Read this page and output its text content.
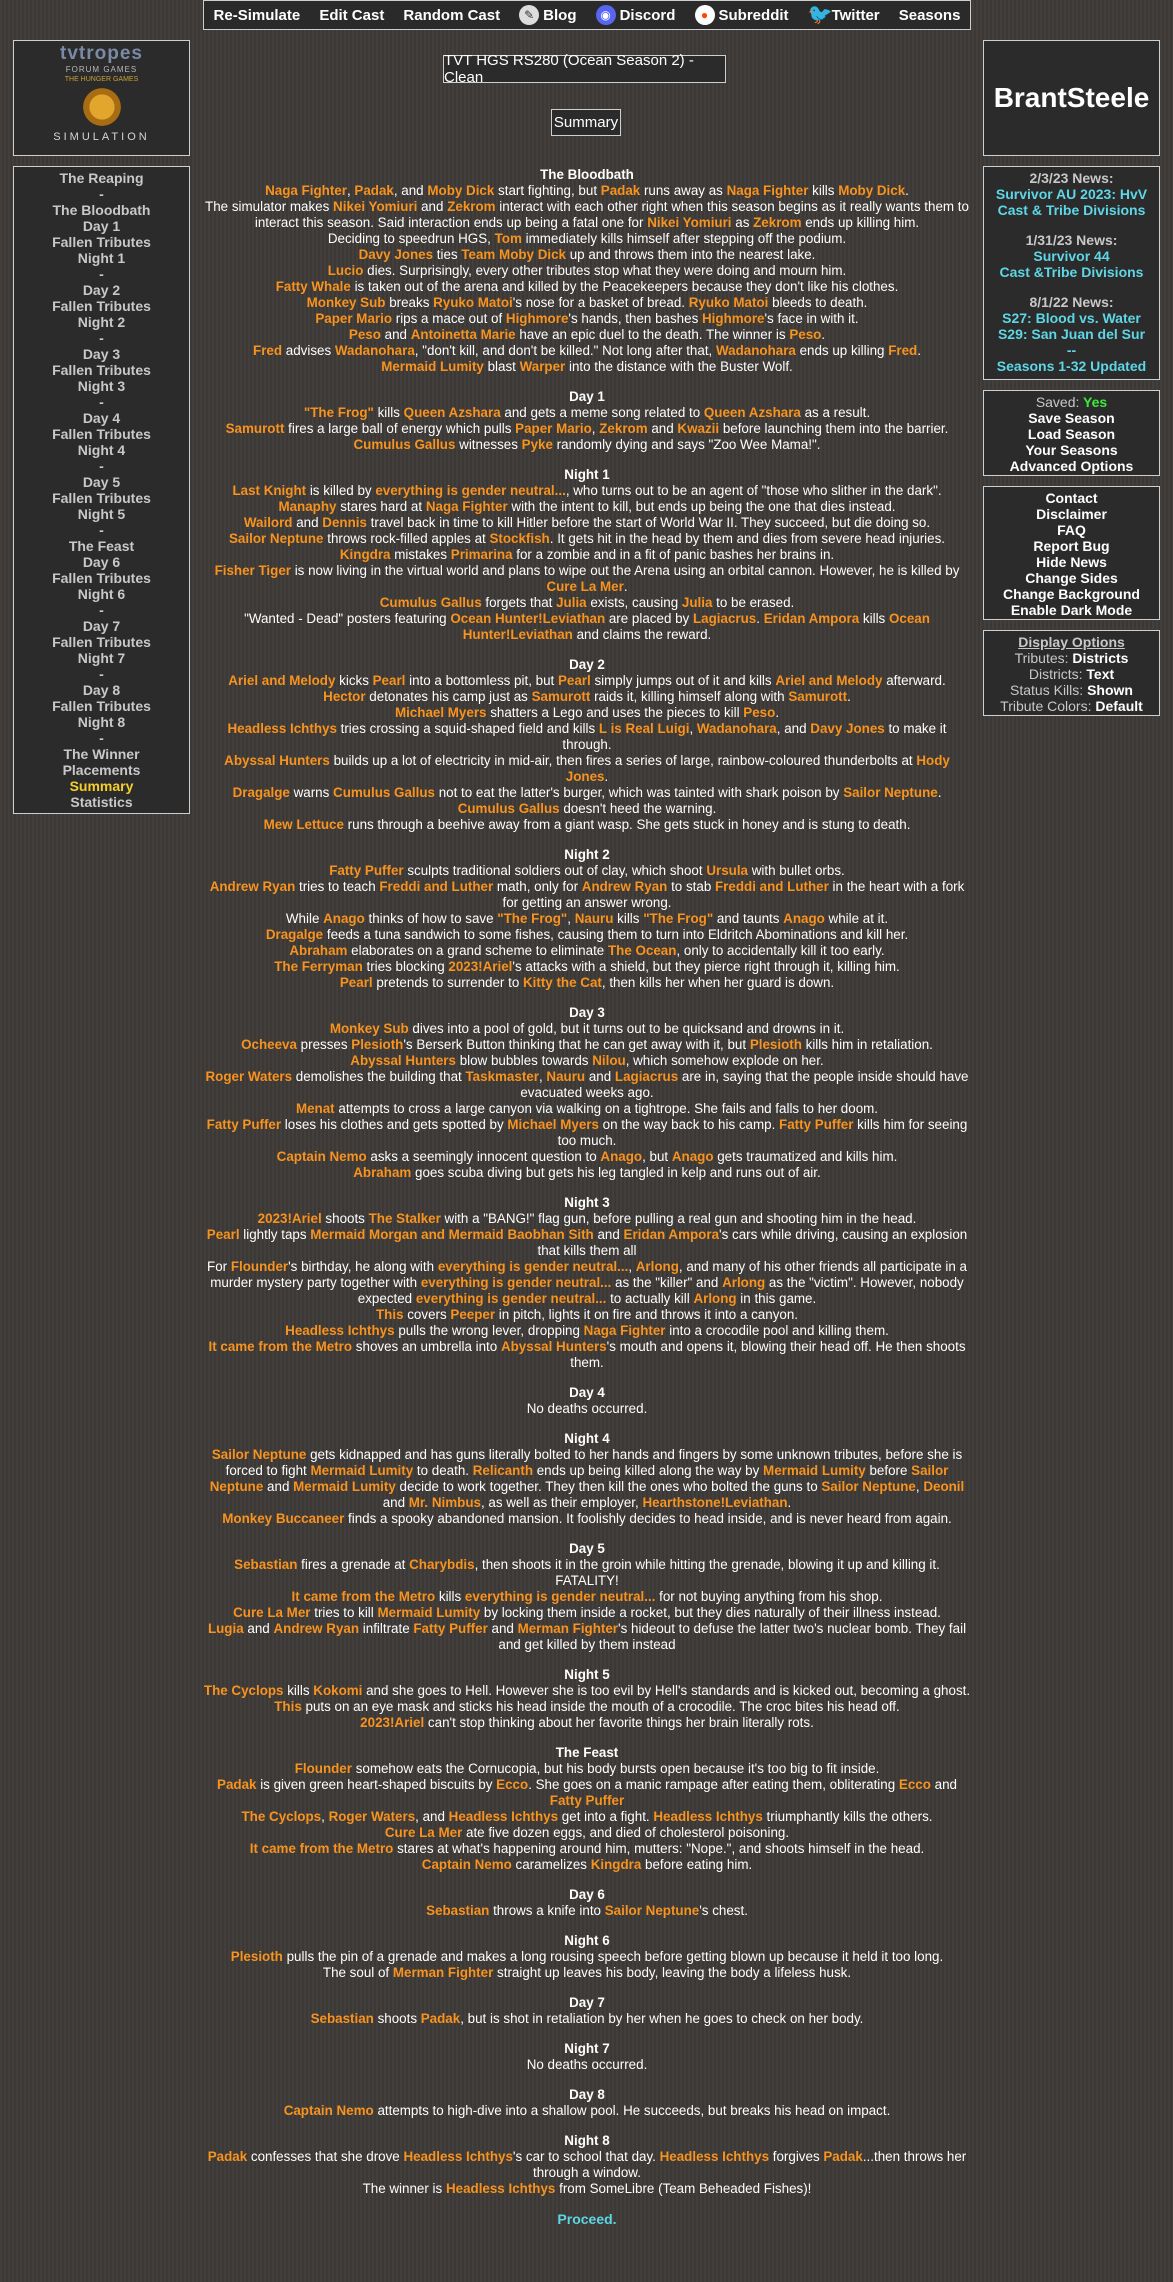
Re-Simulate Edit Cast Random Cast	✎ Blog	◉ Discord	● Subreddit 🐦 Twitter Seasons
tvtropes
FORUM GAMES
THE HUNGER GAMES
SIMULATION
The Reaping
-
The Bloodbath
Day 1
Fallen Tributes
Night 1
-
Day 2
Fallen Tributes
Night 2
-
Day 3
Fallen Tributes
Night 3
-
Day 4
Fallen Tributes
Night 4
-
Day 5
Fallen Tributes
Night 5
-
The Feast
Day 6
Fallen Tributes
Night 6
-
Day 7
Fallen Tributes
Night 7
-
Day 8
Fallen Tributes
Night 8
-
The Winner
Placements
Summary
Statistics
BrantSteele
2/3/23 News:
Survivor AU 2023: HvV
Cast & Tribe Divisions
1/31/23 News:
Survivor 44
Cast &Tribe Divisions
8/1/22 News:
S27: Blood vs. Water
S29: San Juan del Sur
--
Seasons 1-32 Updated
Saved: Yes
Save Season
Load Season
Your Seasons
Advanced Options
Contact
Disclaimer
FAQ
Report Bug
Hide News
Change Sides
Change Background
Enable Dark Mode
Display Options
Tributes: Districts
Districts: Text
Status Kills: Shown
Tribute Colors: Default
TVT HGS RS280 (Ocean Season 2) - Clean
Summary
The Bloodbath
Naga Fighter, Padak, and Moby Dick start fighting, but Padak runs away as Naga Fighter kills Moby Dick.
The simulator makes Nikei Yomiuri and Zekrom interact with each other right when this season begins as it really wants them to interact this season. Said interaction ends up being a fatal one for Nikei Yomiuri as Zekrom ends up killing him.
Deciding to speedrun HGS, Tom immediately kills himself after stepping off the podium.
Davy Jones ties Team Moby Dick up and throws them into the nearest lake.
Lucio dies. Surprisingly, every other tributes stop what they were doing and mourn him.
Fatty Whale is taken out of the arena and killed by the Peacekeepers because they don't like his clothes.
Monkey Sub breaks Ryuko Matoi's nose for a basket of bread. Ryuko Matoi bleeds to death.
Paper Mario rips a mace out of Highmore's hands, then bashes Highmore's face in with it.
Peso and Antoinetta Marie have an epic duel to the death. The winner is Peso.
Fred advises Wadanohara, "don't kill, and don't be killed." Not long after that, Wadanohara ends up killing Fred.
Mermaid Lumity blast Warper into the distance with the Buster Wolf.
Day 1
"The Frog" kills Queen Azshara and gets a meme song related to Queen Azshara as a result.
Samurott fires a large ball of energy which pulls Paper Mario, Zekrom and Kwazii before launching them into the barrier.
Cumulus Gallus witnesses Pyke randomly dying and says "Zoo Wee Mama!".
Night 1
Last Knight is killed by everything is gender neutral..., who turns out to be an agent of "those who slither in the dark".
Manaphy stares hard at Naga Fighter with the intent to kill, but ends up being the one that dies instead.
Wailord and Dennis travel back in time to kill Hitler before the start of World War II. They succeed, but die doing so.
Sailor Neptune throws rock-filled apples at Stockfish. It gets hit in the head by them and dies from severe head injuries.
Kingdra mistakes Primarina for a zombie and in a fit of panic bashes her brains in.
Fisher Tiger is now living in the virtual world and plans to wipe out the Arena using an orbital cannon. However, he is killed by Cure La Mer.
Cumulus Gallus forgets that Julia exists, causing Julia to be erased.
"Wanted - Dead" posters featuring Ocean Hunter!Leviathan are placed by Lagiacrus. Eridan Ampora kills Ocean Hunter!Leviathan and claims the reward.
Day 2
Ariel and Melody kicks Pearl into a bottomless pit, but Pearl simply jumps out of it and kills Ariel and Melody afterward.
Hector detonates his camp just as Samurott raids it, killing himself along with Samurott.
Michael Myers shatters a Lego and uses the pieces to kill Peso.
Headless Ichthys tries crossing a squid-shaped field and kills L is Real Luigi, Wadanohara, and Davy Jones to make it through.
Abyssal Hunters builds up a lot of electricity in mid-air, then fires a series of large, rainbow-coloured thunderbolts at Hody Jones.
Dragalge warns Cumulus Gallus not to eat the latter's burger, which was tainted with shark poison by Sailor Neptune. Cumulus Gallus doesn't heed the warning.
Mew Lettuce runs through a beehive away from a giant wasp. She gets stuck in honey and is stung to death.
Night 2
Fatty Puffer sculpts traditional soldiers out of clay, which shoot Ursula with bullet orbs.
Andrew Ryan tries to teach Freddi and Luther math, only for Andrew Ryan to stab Freddi and Luther in the heart with a fork for getting an answer wrong.
While Anago thinks of how to save "The Frog", Nauru kills "The Frog" and taunts Anago while at it.
Dragalge feeds a tuna sandwich to some fishes, causing them to turn into Eldritch Abominations and kill her.
Abraham elaborates on a grand scheme to eliminate The Ocean, only to accidentally kill it too early.
The Ferryman tries blocking 2023!Ariel's attacks with a shield, but they pierce right through it, killing him.
Pearl pretends to surrender to Kitty the Cat, then kills her when her guard is down.
Day 3
Monkey Sub dives into a pool of gold, but it turns out to be quicksand and drowns in it.
Ocheeva presses Plesioth's Berserk Button thinking that he can get away with it, but Plesioth kills him in retaliation.
Abyssal Hunters blow bubbles towards Nilou, which somehow explode on her.
Roger Waters demolishes the building that Taskmaster, Nauru and Lagiacrus are in, saying that the people inside should have evacuated weeks ago.
Menat attempts to cross a large canyon via walking on a tightrope. She fails and falls to her doom.
Fatty Puffer loses his clothes and gets spotted by Michael Myers on the way back to his camp. Fatty Puffer kills him for seeing too much.
Captain Nemo asks a seemingly innocent question to Anago, but Anago gets traumatized and kills him.
Abraham goes scuba diving but gets his leg tangled in kelp and runs out of air.
Night 3
2023!Ariel shoots The Stalker with a "BANG!" flag gun, before pulling a real gun and shooting him in the head.
Pearl lightly taps Mermaid Morgan and Mermaid Baobhan Sith and Eridan Ampora's cars while driving, causing an explosion that kills them all
For Flounder's birthday, he along with everything is gender neutral..., Arlong, and many of his other friends all participate in a murder mystery party together with everything is gender neutral... as the "killer" and Arlong as the "victim". However, nobody expected everything is gender neutral... to actually kill Arlong in this game.
This covers Peeper in pitch, lights it on fire and throws it into a canyon.
Headless Ichthys pulls the wrong lever, dropping Naga Fighter into a crocodile pool and killing them.
It came from the Metro shoves an umbrella into Abyssal Hunters's mouth and opens it, blowing their head off. He then shoots them.
Day 4
No deaths occurred.
Night 4
Sailor Neptune gets kidnapped and has guns literally bolted to her hands and fingers by some unknown tributes, before she is forced to fight Mermaid Lumity to death. Relicanth ends up being killed along the way by Mermaid Lumity before Sailor Neptune and Mermaid Lumity decide to work together. They then kill the ones who bolted the guns to Sailor Neptune, Deonil and Mr. Nimbus, as well as their employer, Hearthstone!Leviathan.
Monkey Buccaneer finds a spooky abandoned mansion. It foolishly decides to head inside, and is never heard from again.
Day 5
Sebastian fires a grenade at Charybdis, then shoots it in the groin while hitting the grenade, blowing it up and killing it. FATALITY!
It came from the Metro kills everything is gender neutral... for not buying anything from his shop.
Cure La Mer tries to kill Mermaid Lumity by locking them inside a rocket, but they dies naturally of their illness instead.
Lugia and Andrew Ryan infiltrate Fatty Puffer and Merman Fighter's hideout to defuse the latter two's nuclear bomb. They fail and get killed by them instead
Night 5
The Cyclops kills Kokomi and she goes to Hell. However she is too evil by Hell's standards and is kicked out, becoming a ghost.
This puts on an eye mask and sticks his head inside the mouth of a crocodile. The croc bites his head off.
2023!Ariel can't stop thinking about her favorite things her brain literally rots.
The Feast
Flounder somehow eats the Cornucopia, but his body bursts open because it's too big to fit inside.
Padak is given green heart-shaped biscuits by Ecco. She goes on a manic rampage after eating them, obliterating Ecco and Fatty Puffer
The Cyclops, Roger Waters, and Headless Ichthys get into a fight. Headless Ichthys triumphantly kills the others.
Cure La Mer ate five dozen eggs, and died of cholesterol poisoning.
It came from the Metro stares at what's happening around him, mutters: "Nope.", and shoots himself in the head.
Captain Nemo caramelizes Kingdra before eating him.
Day 6
Sebastian throws a knife into Sailor Neptune's chest.
Night 6
Plesioth pulls the pin of a grenade and makes a long rousing speech before getting blown up because it held it too long.
The soul of Merman Fighter straight up leaves his body, leaving the body a lifeless husk.
Day 7
Sebastian shoots Padak, but is shot in retaliation by her when he goes to check on her body.
Night 7
No deaths occurred.
Day 8
Captain Nemo attempts to high-dive into a shallow pool. He succeeds, but breaks his head on impact.
Night 8
Padak confesses that she drove Headless Ichthys's car to school that day. Headless Ichthys forgives Padak...then throws her through a window.
The winner is Headless Ichthys from SomeLibre (Team Beheaded Fishes)!
Proceed.
